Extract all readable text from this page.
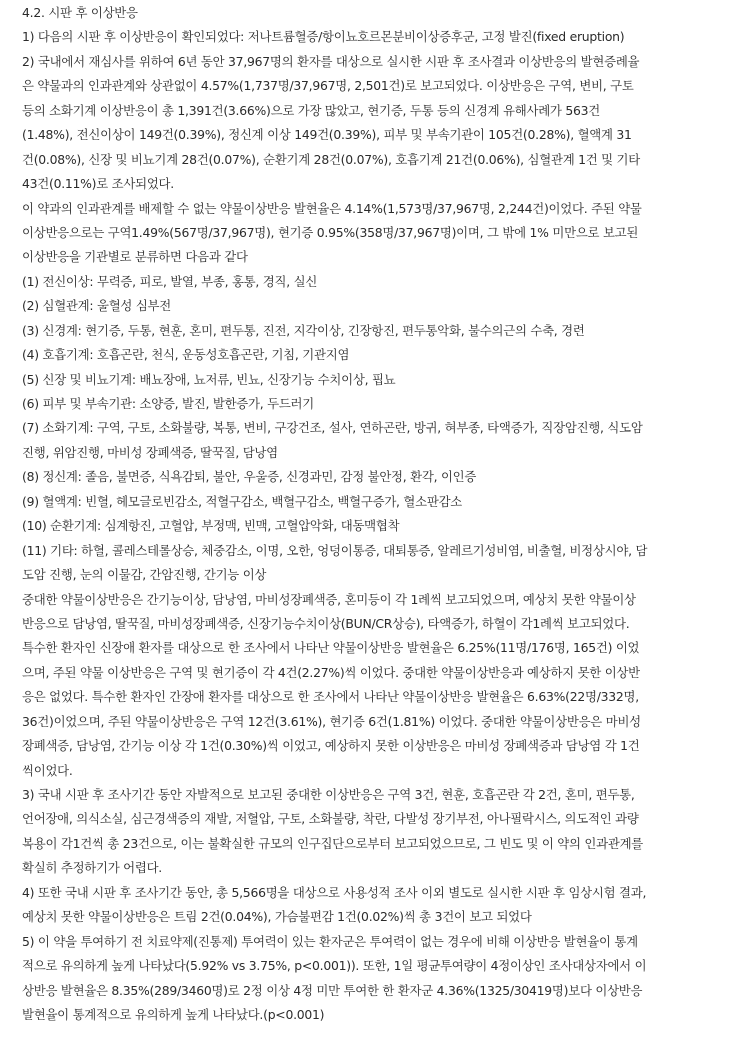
4.2. 시판 후 이상반응
1) 다음의 시판 후 이상반응이 확인되었다: 저나트륨혈증/항이뇨호르몬분비이상증후군, 고정 발진(fixed eruption)
2) 국내에서 재심사를 위하여 6년 동안 37,967명의 환자를 대상으로 실시한 시판 후 조사결과 이상반응의 발현증례율
은 약물과의 인과관계와 상관없이 4.57%(1,737명/37,967명, 2,501건)로 보고되었다. 이상반응은 구역, 변비, 구토
등의 소화기계 이상반응이 총 1,391건(3.66%)으로 가장 많았고, 현기증, 두통 등의 신경계 유해사례가 563건
(1.48%), 전신이상이 149건(0.39%), 정신계 이상 149건(0.39%), 피부 및 부속기관이 105건(0.28%), 혈액계 31
건(0.08%), 신장 및 비뇨기계 28건(0.07%), 순환기계 28건(0.07%), 호흡기계 21건(0.06%), 심혈관계 1건 및 기타
43건(0.11%)로 조사되었다.
이 약과의 인과관계를 배제할 수 없는 약물이상반응 발현율은 4.14%(1,573명/37,967명, 2,244건)이었다. 주된 약물
이상반응으로는 구역1.49%(567명/37,967명), 현기증 0.95%(358명/37,967명)이며, 그 밖에 1% 미만으로 보고된
이상반응을 기관별로 분류하면 다음과 같다
(1) 전신이상: 무력증, 피로, 발열, 부종, 홍통, 경직, 실신
(2) 심혈관계: 울혈성 심부전
(3) 신경계: 현기증, 두통, 현훈, 혼미, 편두통, 진전, 지각이상, 긴장항진, 편두통악화, 불수의근의 수축, 경련
(4) 호흡기계: 호흡곤란, 천식, 운동성호흡곤란, 기침, 기관지염
(5) 신장 및 비뇨기계: 배뇨장애, 뇨저류, 빈뇨, 신장기능 수치이상, 핍뇨
(6) 피부 및 부속기관: 소양증, 발진, 발한증가, 두드러기
(7) 소화기계: 구역, 구토, 소화불량, 복통, 변비, 구강건조, 설사, 연하곤란, 방귀, 혀부종, 타액증가, 직장암진행, 식도암
진행, 위암진행, 마비성 장폐색증, 딸꾹질, 담낭염
(8) 정신계: 졸음, 불면증, 식욕감퇴, 불안, 우울증, 신경과민, 감정 불안정, 환각, 이인증
(9) 혈액계: 빈혈, 헤모글로빈감소, 적혈구감소, 백혈구감소, 백혈구증가, 혈소판감소
(10) 순환기계: 심계항진, 고혈압, 부정맥, 빈맥, 고혈압악화, 대동맥협착
(11) 기타: 하혈, 콜레스테롤상승, 체중감소, 이명, 오한, 엉덩이통증, 대퇴통증, 알레르기성비염, 비출혈, 비정상시야, 담
도암 진행, 눈의 이물감, 간암진행, 간기능 이상
중대한 약물이상반응은 간기능이상, 담낭염, 마비성장폐색증, 혼미등이 각 1례씩 보고되었으며, 예상치 못한 약물이상
반응으로 담낭염, 딸꾹질, 마비성장폐색증, 신장기능수치이상(BUN/CR상승), 타액증가, 하혈이 각1례씩 보고되었다.
특수한 환자인 신장애 환자를 대상으로 한 조사에서 나타난 약물이상반응 발현율은 6.25%(11명/176명, 165건) 이었
으며, 주된 약물 이상반응은 구역 및 현기증이 각 4건(2.27%)씩 이었다. 중대한 약물이상반응과 예상하지 못한 이상반
응은 없었다. 특수한 환자인 간장애 환자를 대상으로 한 조사에서 나타난 약물이상반응 발현율은 6.63%(22명/332명,
36건)이었으며, 주된 약물이상반응은 구역 12건(3.61%), 현기증 6건(1.81%) 이었다. 중대한 약물이상반응은 마비성
장폐색증, 담낭염, 간기능 이상 각 1건(0.30%)씩 이었고, 예상하지 못한 이상반응은 마비성 장폐색증과 담낭염 각 1건
씩이었다.
3) 국내 시판 후 조사기간 동안 자발적으로 보고된 중대한 이상반응은 구역 3건, 현훈, 호흡곤란 각 2건, 혼미, 편두통,
언어장애, 의식소실, 심근경색증의 재발, 저혈압, 구토, 소화불량, 착란, 다발성 장기부전, 아나필락시스, 의도적인 과량
복용이 각1건씩 총 23건으로, 이는 불확실한 규모의 인구집단으로부터 보고되었으므로, 그 빈도 및 이 약의 인과관계를
확실히 추정하기가 어렵다.
4) 또한 국내 시판 후 조사기간 동안, 총 5,566명을 대상으로 사용성적 조사 이외 별도로 실시한 시판 후 임상시험 결과,
예상치 못한 약물이상반응은 트림 2건(0.04%), 가슴불편감 1건(0.02%)씩 총 3건이 보고 되었다
5) 이 약을 투여하기 전 치료약제(진통제) 투여력이 있는 환자군은 투여력이 없는 경우에 비해 이상반응 발현율이 통계
적으로 유의하게 높게 나타났다(5.92% vs 3.75%, p<0.001)). 또한, 1일 평균투여량이 4정이상인 조사대상자에서 이
상반응 발현율은 8.35%(289/3460명)로 2정 이상 4정 미만 투여한 한 환자군 4.36%(1325/30419명)보다 이상반응
발현율이 통계적으로 유의하게 높게 나타났다.(p<0.001)
